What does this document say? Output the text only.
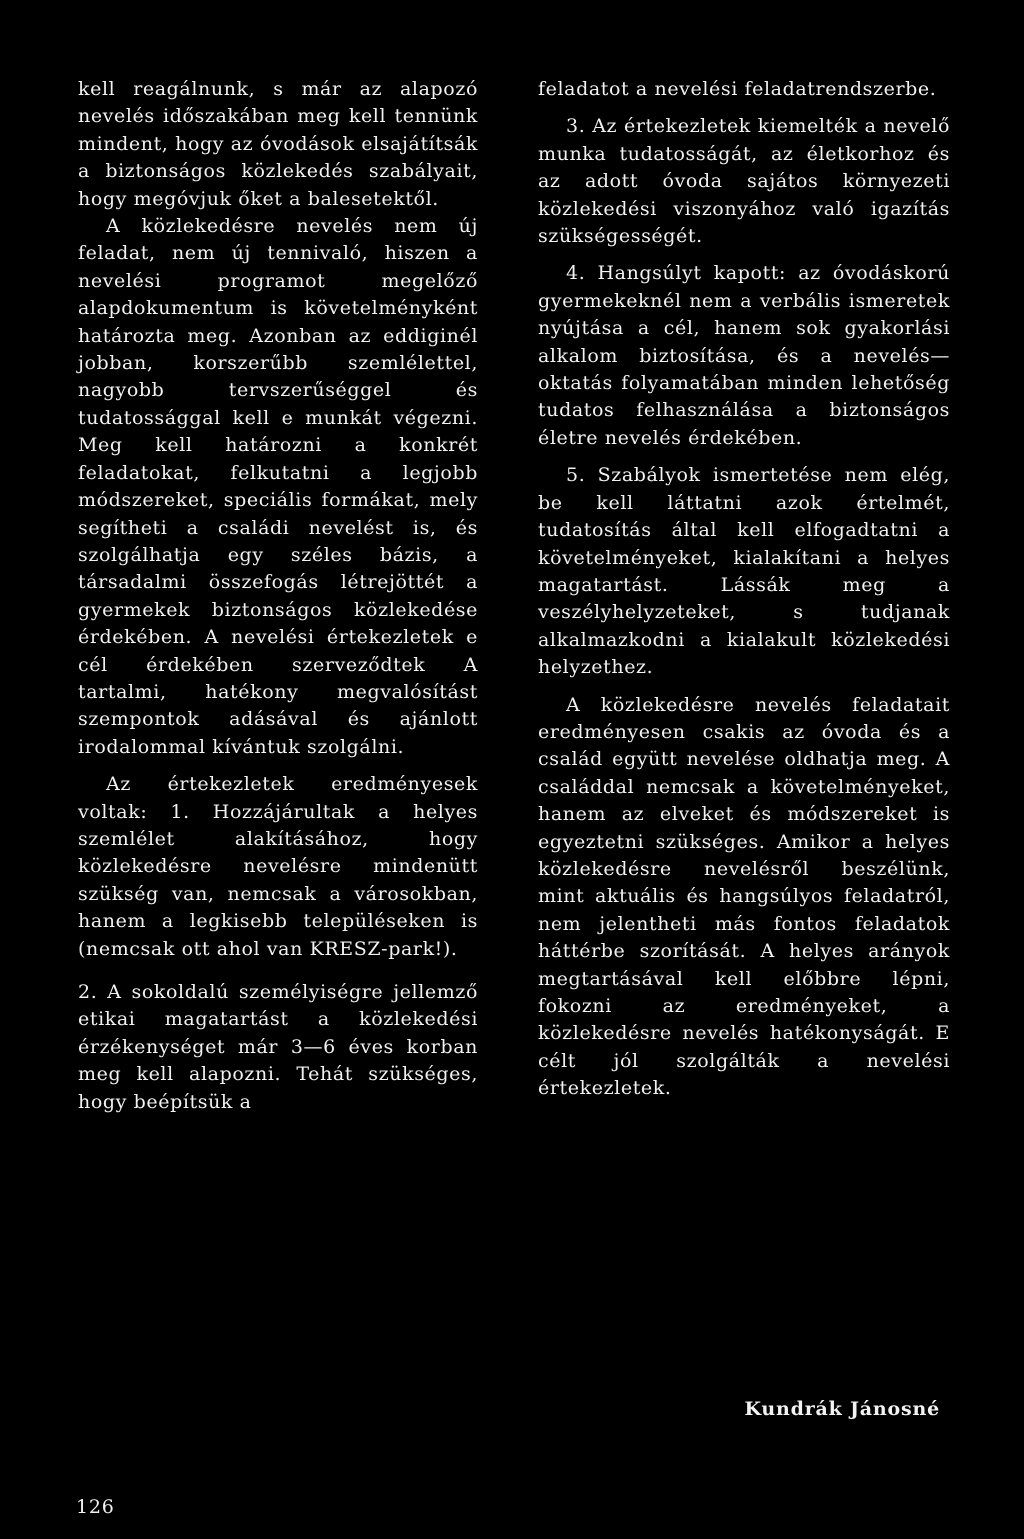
kell reagálnunk, s már az alapozó nevelés időszakában meg kell tennünk mindent, hogy az óvodások elsajátítsák a biztonságos közlekedés szabályait, hogy megóvjuk őket a balesetektől.

A közlekedésre nevelés nem új feladat, nem új tennivaló, hiszen a nevelési programot megelőző alapdokumentum is követelményként határozta meg. Azonban az eddiginél jobban, korszerűbb szemlélettel, nagyobb tervszerűséggel és tudatossággal kell e munkát végezni. Meg kell határozni a konkrét feladatokat, felkutatni a legjobb módszereket, speciális formákat, mely segítheti a családi nevelést is, és szolgálhatja egy széles bázis, a társadalmi összefogás létrejöttét a gyermekek biztonságos közlekedése érdekében. A nevelési értekezletek e cél érdekében szerveződtek A tartalmi, hatékony megvalósítást szempontok adásával és ajánlott irodalommal kívántuk szolgálni.

Az értekezletek eredményesek voltak: 1. Hozzájárultak a helyes szemlélet alakításához, hogy közlekedésre nevelésre mindenütt szükség van, nemcsak a városokban, hanem a legkisebb településeken is (nemcsak ott ahol van KRESZ-park!).

2. A sokoldalú személyiségre jellemző etikai magatartást a közlekedési érzékenységet már 3—6 éves korban meg kell alapozni. Tehát szükséges, hogy beépítsük a

feladatot a nevelési feladatrendszerbe.

3. Az értekezletek kiemelték a nevelő munka tudatosságát, az életkorhoz és az adott óvoda sajátos környezeti közlekedési viszonyához való igazítás szükségességét.

4. Hangsúlyt kapott: az óvodáskorú gyermekeknél nem a verbális ismeretek nyújtása a cél, hanem sok gyakorlási alkalom biztosítása, és a nevelés—oktatás folyamatában minden lehetőség tudatos felhasználása a biztonságos életre nevelés érdekében.

5. Szabályok ismertetése nem elég, be kell láttatni azok értelmét, tudatosítás által kell elfogadtatni a követelményeket, kialakítani a helyes magatartást. Lássák meg a veszélyhelyzeteket, s tudjanak alkalmazkodni a kialakult közlekedési helyzethez.

A közlekedésre nevelés feladatait eredményesen csakis az óvoda és a család együtt nevelése oldhatja meg. A családdal nemcsak a követelményeket, hanem az elveket és módszereket is egyeztetni szükséges. Amikor a helyes közlekedésre nevelésről beszélünk, mint aktuális és hangsúlyos feladatról, nem jelentheti más fontos feladatok háttérbe szorítását. A helyes arányok megtartásával kell előbbre lépni, fokozni az eredményeket, a közlekedésre nevelés hatékonyságát. E célt jól szolgálták a nevelési értekezletek.

Kundrák Jánosné
126
